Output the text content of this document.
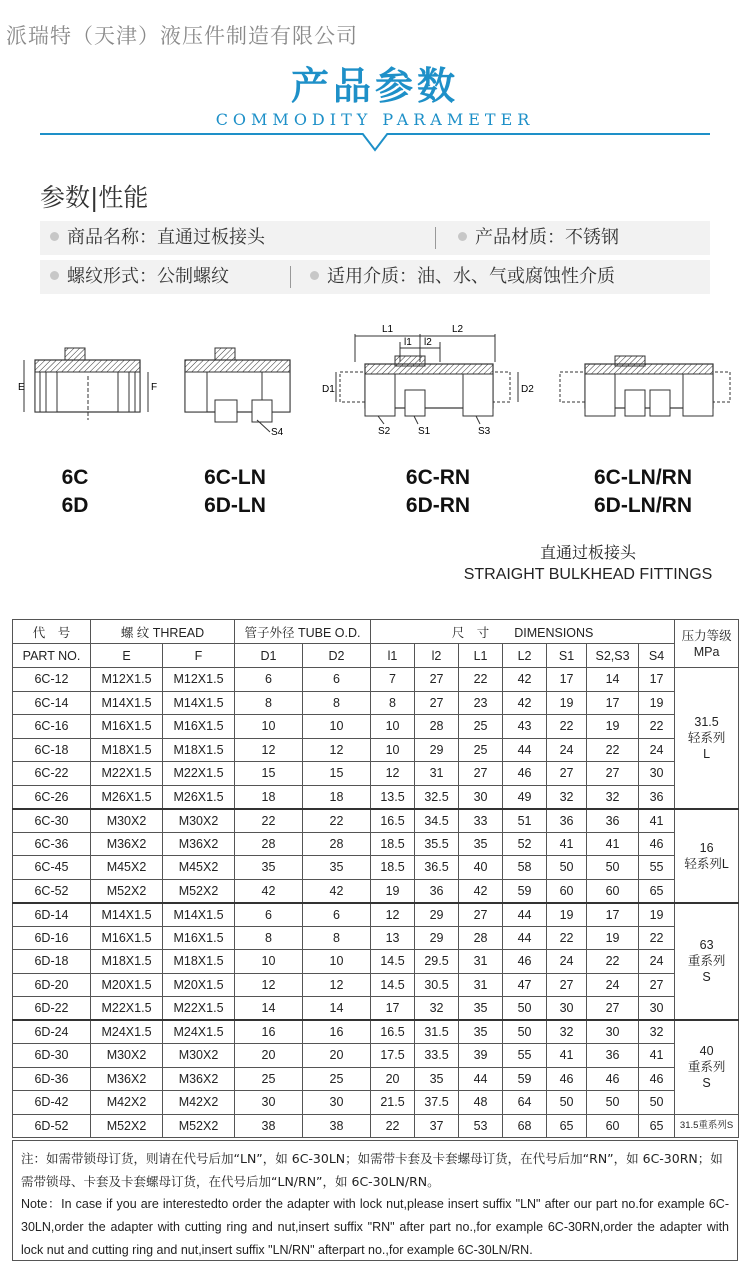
派瑞特（天津）液压件制造有限公司
产品参数
COMMODITY PARAMETER
参数|性能
商品名称：直通过板接头	产品材质：不锈钢
螺纹形式：公制螺纹	适用介质：油、水、气或腐蚀性介质
E	F
S4
L1	L2
l1 l2
D1	D2
S2	S1	S3
6C
6D
6C-LN
6D-LN
6C-RN
6D-RN
6C-LN/RN
6D-LN/RN
直通过板接头
STRAIGHT BULKHEAD FITTINGS
代　号	螺 纹 THREAD		管子外径 TUBE O.D.		尺　寸　　DIMENSIONS							压力等级 MPa
PART NO.	E	F	D1	D2	l1	l2	L1	L2	S1	S2,S3	S4	
6C-12	M12X1.5	M12X1.5	6	6	7	27	22	42	17	14	17	31.5
轻系列
L

6C-14	M14X1.5	M14X1.5	8	8	8	27	23	42	19	17	19	
6C-16	M16X1.5	M16X1.5	10	10	10	28	25	43	22	19	22	
6C-18	M18X1.5	M18X1.5	12	12	10	29	25	44	24	22	24	
6C-22	M22X1.5	M22X1.5	15	15	12	31	27	46	27	27	30	
6C-26	M26X1.5	M26X1.5	18	18	13.5	32.5	30	49	32	32	36	
6C-30	M30X2	M30X2	22	22	16.5	34.5	33	51	36	36	41	16
轻系列L

6C-36	M36X2	M36X2	28	28	18.5	35.5	35	52	41	41	46	
6C-45	M45X2	M45X2	35	35	18.5	36.5	40	58	50	50	55	
6C-52	M52X2	M52X2	42	42	19	36	42	59	60	60	65	
6D-14	M14X1.5	M14X1.5	6	6	12	29	27	44	19	17	19	63
重系列
S

6D-16	M16X1.5	M16X1.5	8	8	13	29	28	44	22	19	22	
6D-18	M18X1.5	M18X1.5	10	10	14.5	29.5	31	46	24	22	24	
6D-20	M20X1.5	M20X1.5	12	12	14.5	30.5	31	47	27	24	27	
6D-22	M22X1.5	M22X1.5	14	14	17	32	35	50	30	27	30	
6D-24	M24X1.5	M24X1.5	16	16	16.5	31.5	35	50	32	30	32	40
重系列
S

6D-30	M30X2	M30X2	20	20	17.5	33.5	39	55	41	36	41	
6D-36	M36X2	M36X2	25	25	20	35	44	59	46	46	46	
6D-42	M42X2	M42X2	30	30	21.5	37.5	48	64	50	50	50	
6D-52	M52X2	M52X2	38	38	22	37	53	68	65	60	65	31.5重系列S

注：如需带锁母订货，则请在代号后加“LN”，如 6C-30LN；如需带卡套及卡套螺母订货，在代号后加“RN”，如 6C-30RN；如需带锁母、卡套及卡套螺母订货，在代号后加“LN/RN”，如 6C-30LN/RN。

Note：In case if you are interestedto order the adapter with lock nut,please insert suffix "LN" after our part no.for example 6C-30LN,order the adapter with cutting ring and nut,insert suffix "RN" after part no.,for example 6C-30RN,order the adapter with lock nut and cutting ring and nut,insert suffix "LN/RN" afterpart no.,for example 6C-30LN/RN.
